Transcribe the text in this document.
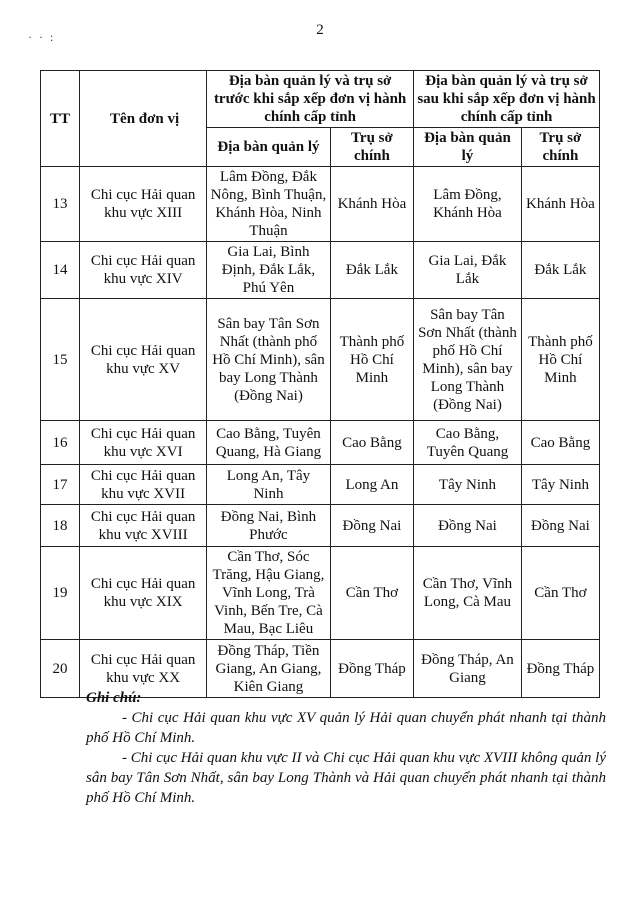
· · :	2
TT	Tên đơn vị	Địa bàn quản lý và trụ sở trước khi sắp xếp đơn vị hành chính cấp tỉnh		Địa bàn quản lý và trụ sở sau khi sắp xếp đơn vị hành chính cấp tỉnh	
		Địa bàn quản lý	Trụ sở chính	Địa bàn quản lý	Trụ sở chính
13	Chi cục Hải quan khu vực XIII	Lâm Đồng, Đắk Nông, Bình Thuận, Khánh Hòa, Ninh Thuận	Khánh Hòa	Lâm Đồng, Khánh Hòa	Khánh Hòa
14	Chi cục Hải quan khu vực XIV	Gia Lai, Bình Định, Đắk Lắk, Phú Yên	Đắk Lắk	Gia Lai, Đắk Lắk	Đắk Lắk
15	Chi cục Hải quan khu vực XV	Sân bay Tân Sơn Nhất (thành phố Hồ Chí Minh), sân bay Long Thành (Đồng Nai)	Thành phố Hồ Chí Minh	Sân bay Tân Sơn Nhất (thành phố Hồ Chí Minh), sân bay Long Thành (Đồng Nai)	Thành phố Hồ Chí Minh
16	Chi cục Hải quan khu vực XVI	Cao Bằng, Tuyên Quang, Hà Giang	Cao Bằng	Cao Bằng, Tuyên Quang	Cao Bằng
17	Chi cục Hải quan khu vực XVII	Long An, Tây Ninh	Long An	Tây Ninh	Tây Ninh
18	Chi cục Hải quan khu vực XVIII	Đồng Nai, Bình Phước	Đồng Nai	Đồng Nai	Đồng Nai
19	Chi cục Hải quan khu vực XIX	Cần Thơ, Sóc Trăng, Hậu Giang, Vĩnh Long, Trà Vinh, Bến Tre, Cà Mau, Bạc Liêu	Cần Thơ	Cần Thơ, Vĩnh Long, Cà Mau	Cần Thơ
20	Chi cục Hải quan khu vực XX	Đồng Tháp, Tiền Giang, An Giang, Kiên Giang	Đồng Tháp	Đồng Tháp, An Giang	Đồng Tháp
Ghi chú:

- Chi cục Hải quan khu vực XV quản lý Hải quan chuyển phát nhanh tại thành phố Hồ Chí Minh.

- Chi cục Hải quan khu vực II và Chi cục Hải quan khu vực XVIII không quản lý sân bay Tân Sơn Nhất, sân bay Long Thành và Hải quan chuyển phát nhanh tại thành phố Hồ Chí Minh.
